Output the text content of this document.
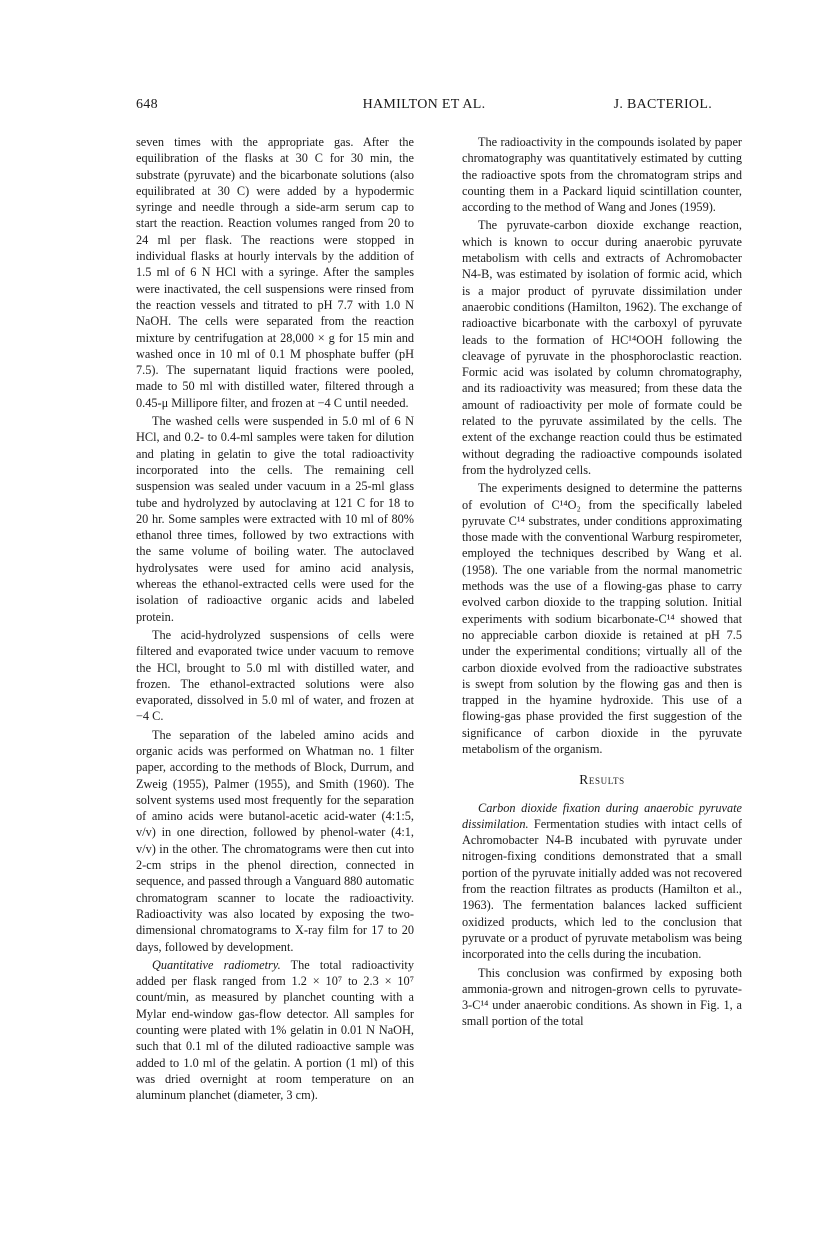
648	HAMILTON ET AL.	J. BACTERIOL.

seven times with the appropriate gas. After the equilibration of the flasks at 30 C for 30 min, the substrate (pyruvate) and the bicarbonate solutions (also equilibrated at 30 C) were added by a hypodermic syringe and needle through a side-arm serum cap to start the reaction. Reaction volumes ranged from 20 to 24 ml per flask. The reactions were stopped in individual flasks at hourly intervals by the addition of 1.5 ml of 6 N HCl with a syringe. After the samples were inactivated, the cell suspensions were rinsed from the reaction vessels and titrated to pH 7.7 with 1.0 N NaOH. The cells were separated from the reaction mixture by centrifugation at 28,000 × g for 15 min and washed once in 10 ml of 0.1 M phosphate buffer (pH 7.5). The supernatant liquid fractions were pooled, made to 50 ml with distilled water, filtered through a 0.45-μ Millipore filter, and frozen at −4 C until needed.

The washed cells were suspended in 5.0 ml of 6 N HCl, and 0.2- to 0.4-ml samples were taken for dilution and plating in gelatin to give the total radioactivity incorporated into the cells. The remaining cell suspension was sealed under vacuum in a 25-ml glass tube and hydrolyzed by autoclaving at 121 C for 18 to 20 hr. Some samples were extracted with 10 ml of 80% ethanol three times, followed by two extractions with the same volume of boiling water. The autoclaved hydrolysates were used for amino acid analysis, whereas the ethanol-extracted cells were used for the isolation of radioactive organic acids and labeled protein.

The acid-hydrolyzed suspensions of cells were filtered and evaporated twice under vacuum to remove the HCl, brought to 5.0 ml with distilled water, and frozen. The ethanol-extracted solutions were also evaporated, dissolved in 5.0 ml of water, and frozen at −4 C.

The separation of the labeled amino acids and organic acids was performed on Whatman no. 1 filter paper, according to the methods of Block, Durrum, and Zweig (1955), Palmer (1955), and Smith (1960). The solvent systems used most frequently for the separation of amino acids were butanol-acetic acid-water (4:1:5, v/v) in one direction, followed by phenol-water (4:1, v/v) in the other. The chromatograms were then cut into 2-cm strips in the phenol direction, connected in sequence, and passed through a Vanguard 880 automatic chromatogram scanner to locate the radioactivity. Radioactivity was also located by exposing the two-dimensional chromatograms to X-ray film for 17 to 20 days, followed by development.

Quantitative radiometry. The total radioactivity added per flask ranged from 1.2 × 10⁷ to 2.3 × 10⁷ count/min, as measured by planchet counting with a Mylar end-window gas-flow detector. All samples for counting were plated with 1% gelatin in 0.01 N NaOH, such that 0.1 ml of the diluted radioactive sample was added to 1.0 ml of the gelatin. A portion (1 ml) of this was dried overnight at room temperature on an aluminum planchet (diameter, 3 cm).

The radioactivity in the compounds isolated by paper chromatography was quantitatively estimated by cutting the radioactive spots from the chromatogram strips and counting them in a Packard liquid scintillation counter, according to the method of Wang and Jones (1959).

The pyruvate-carbon dioxide exchange reaction, which is known to occur during anaerobic pyruvate metabolism with cells and extracts of Achromobacter N4-B, was estimated by isolation of formic acid, which is a major product of pyruvate dissimilation under anaerobic conditions (Hamilton, 1962). The exchange of radioactive bicarbonate with the carboxyl of pyruvate leads to the formation of HC¹⁴OOH following the cleavage of pyruvate in the phosphoroclastic reaction. Formic acid was isolated by column chromatography, and its radioactivity was measured; from these data the amount of radioactivity per mole of formate could be related to the pyruvate assimilated by the cells. The extent of the exchange reaction could thus be estimated without degrading the radioactive compounds isolated from the hydrolyzed cells.

The experiments designed to determine the patterns of evolution of C¹⁴O₂ from the specifically labeled pyruvate C¹⁴ substrates, under conditions approximating those made with the conventional Warburg respirometer, employed the techniques described by Wang et al. (1958). The one variable from the normal manometric methods was the use of a flowing-gas phase to carry evolved carbon dioxide to the trapping solution. Initial experiments with sodium bicarbonate-C¹⁴ showed that no appreciable carbon dioxide is retained at pH 7.5 under the experimental conditions; virtually all of the carbon dioxide evolved from the radioactive substrates is swept from solution by the flowing gas and then is trapped in the hyamine hydroxide. This use of a flowing-gas phase provided the first suggestion of the significance of carbon dioxide in the pyruvate metabolism of the organism.

Results

Carbon dioxide fixation during anaerobic pyruvate dissimilation. Fermentation studies with intact cells of Achromobacter N4-B incubated with pyruvate under nitrogen-fixing conditions demonstrated that a small portion of the pyruvate initially added was not recovered from the reaction filtrates as products (Hamilton et al., 1963). The fermentation balances lacked sufficient oxidized products, which led to the conclusion that pyruvate or a product of pyruvate metabolism was being incorporated into the cells during the incubation.

This conclusion was confirmed by exposing both ammonia-grown and nitrogen-grown cells to pyruvate-3-C¹⁴ under anaerobic conditions. As shown in Fig. 1, a small portion of the total
